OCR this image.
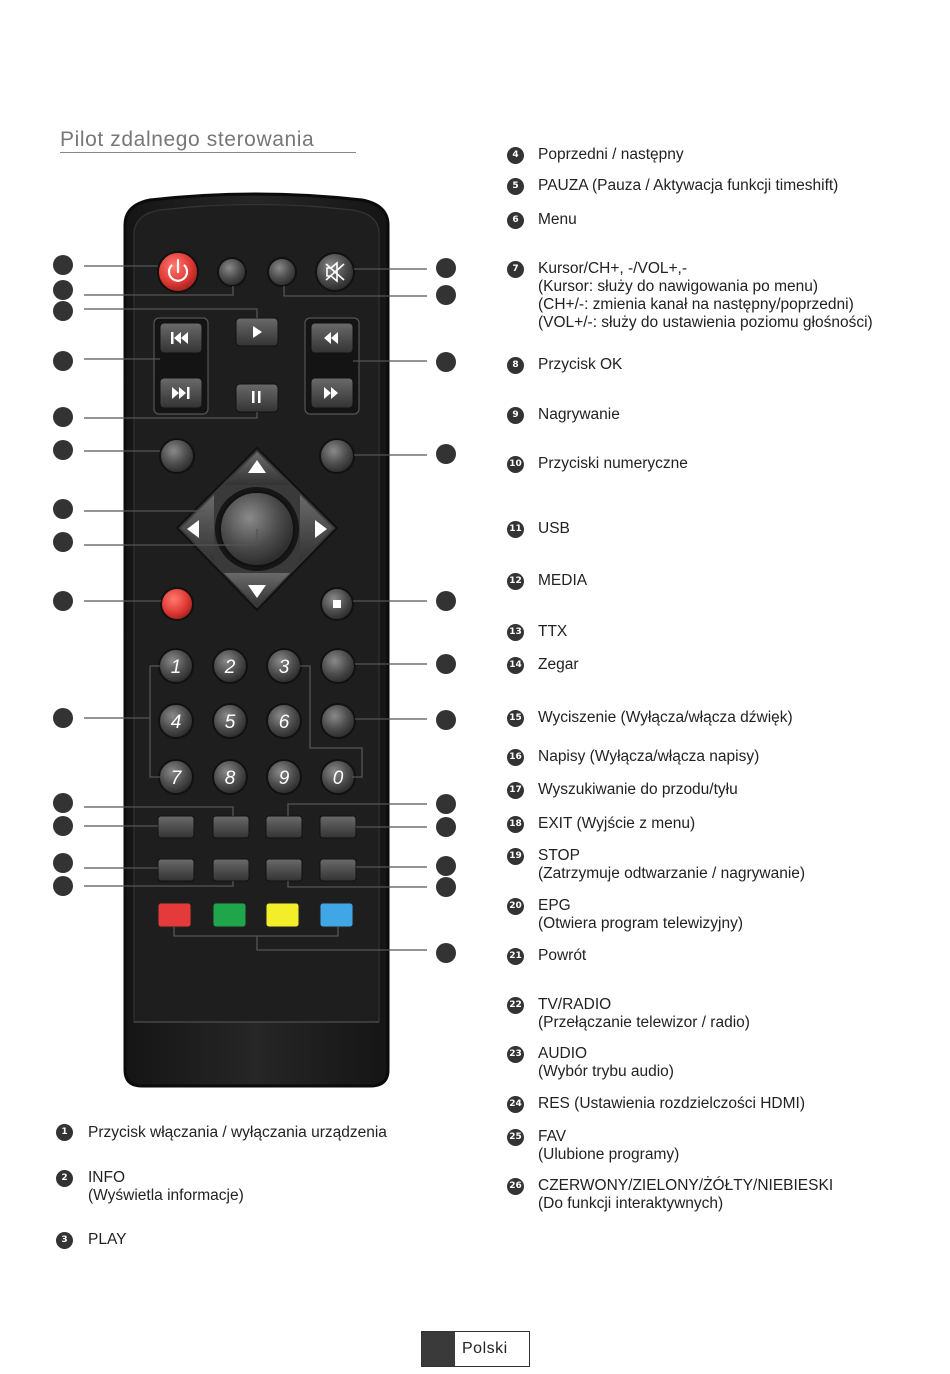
Pilot zdalnego sterowania
1 2 3
4 5 6
7 8 9 0
1	Przycisk włączania / wyłączania urządzenia
2	INFO
(Wyświetla informacje)
3	PLAY
4	Poprzedni / następny
5	PAUZA (Pauza / Aktywacja funkcji timeshift)
6	Menu
7	Kursor/CH+, -/VOL+,-
(Kursor: służy do nawigowania po menu)
(CH+/-: zmienia kanał na następny/poprzedni)
(VOL+/-: służy do ustawienia poziomu głośności)
8	Przycisk OK
9	Nagrywanie
10 Przyciski numeryczne
11 USB
12 MEDIA
13 TTX
14 Zegar
15 Wyciszenie (Wyłącza/włącza dźwięk)
16 Napisy (Wyłącza/włącza napisy)
17 Wyszukiwanie do przodu/tyłu
18 EXIT (Wyjście z menu)
19 STOP
(Zatrzymuje odtwarzanie / nagrywanie)
20 EPG
(Otwiera program telewizyjny)
21 Powrót
22 TV/RADIO
(Przełączanie telewizor / radio)
23 AUDIO
(Wybór trybu audio)
24 RES (Ustawienia rozdzielczości HDMI)
25 FAV
(Ulubione programy)
26 CZERWONY/ZIELONY/ŻÓŁTY/NIEBIESKI
(Do funkcji interaktywnych)
Polski
